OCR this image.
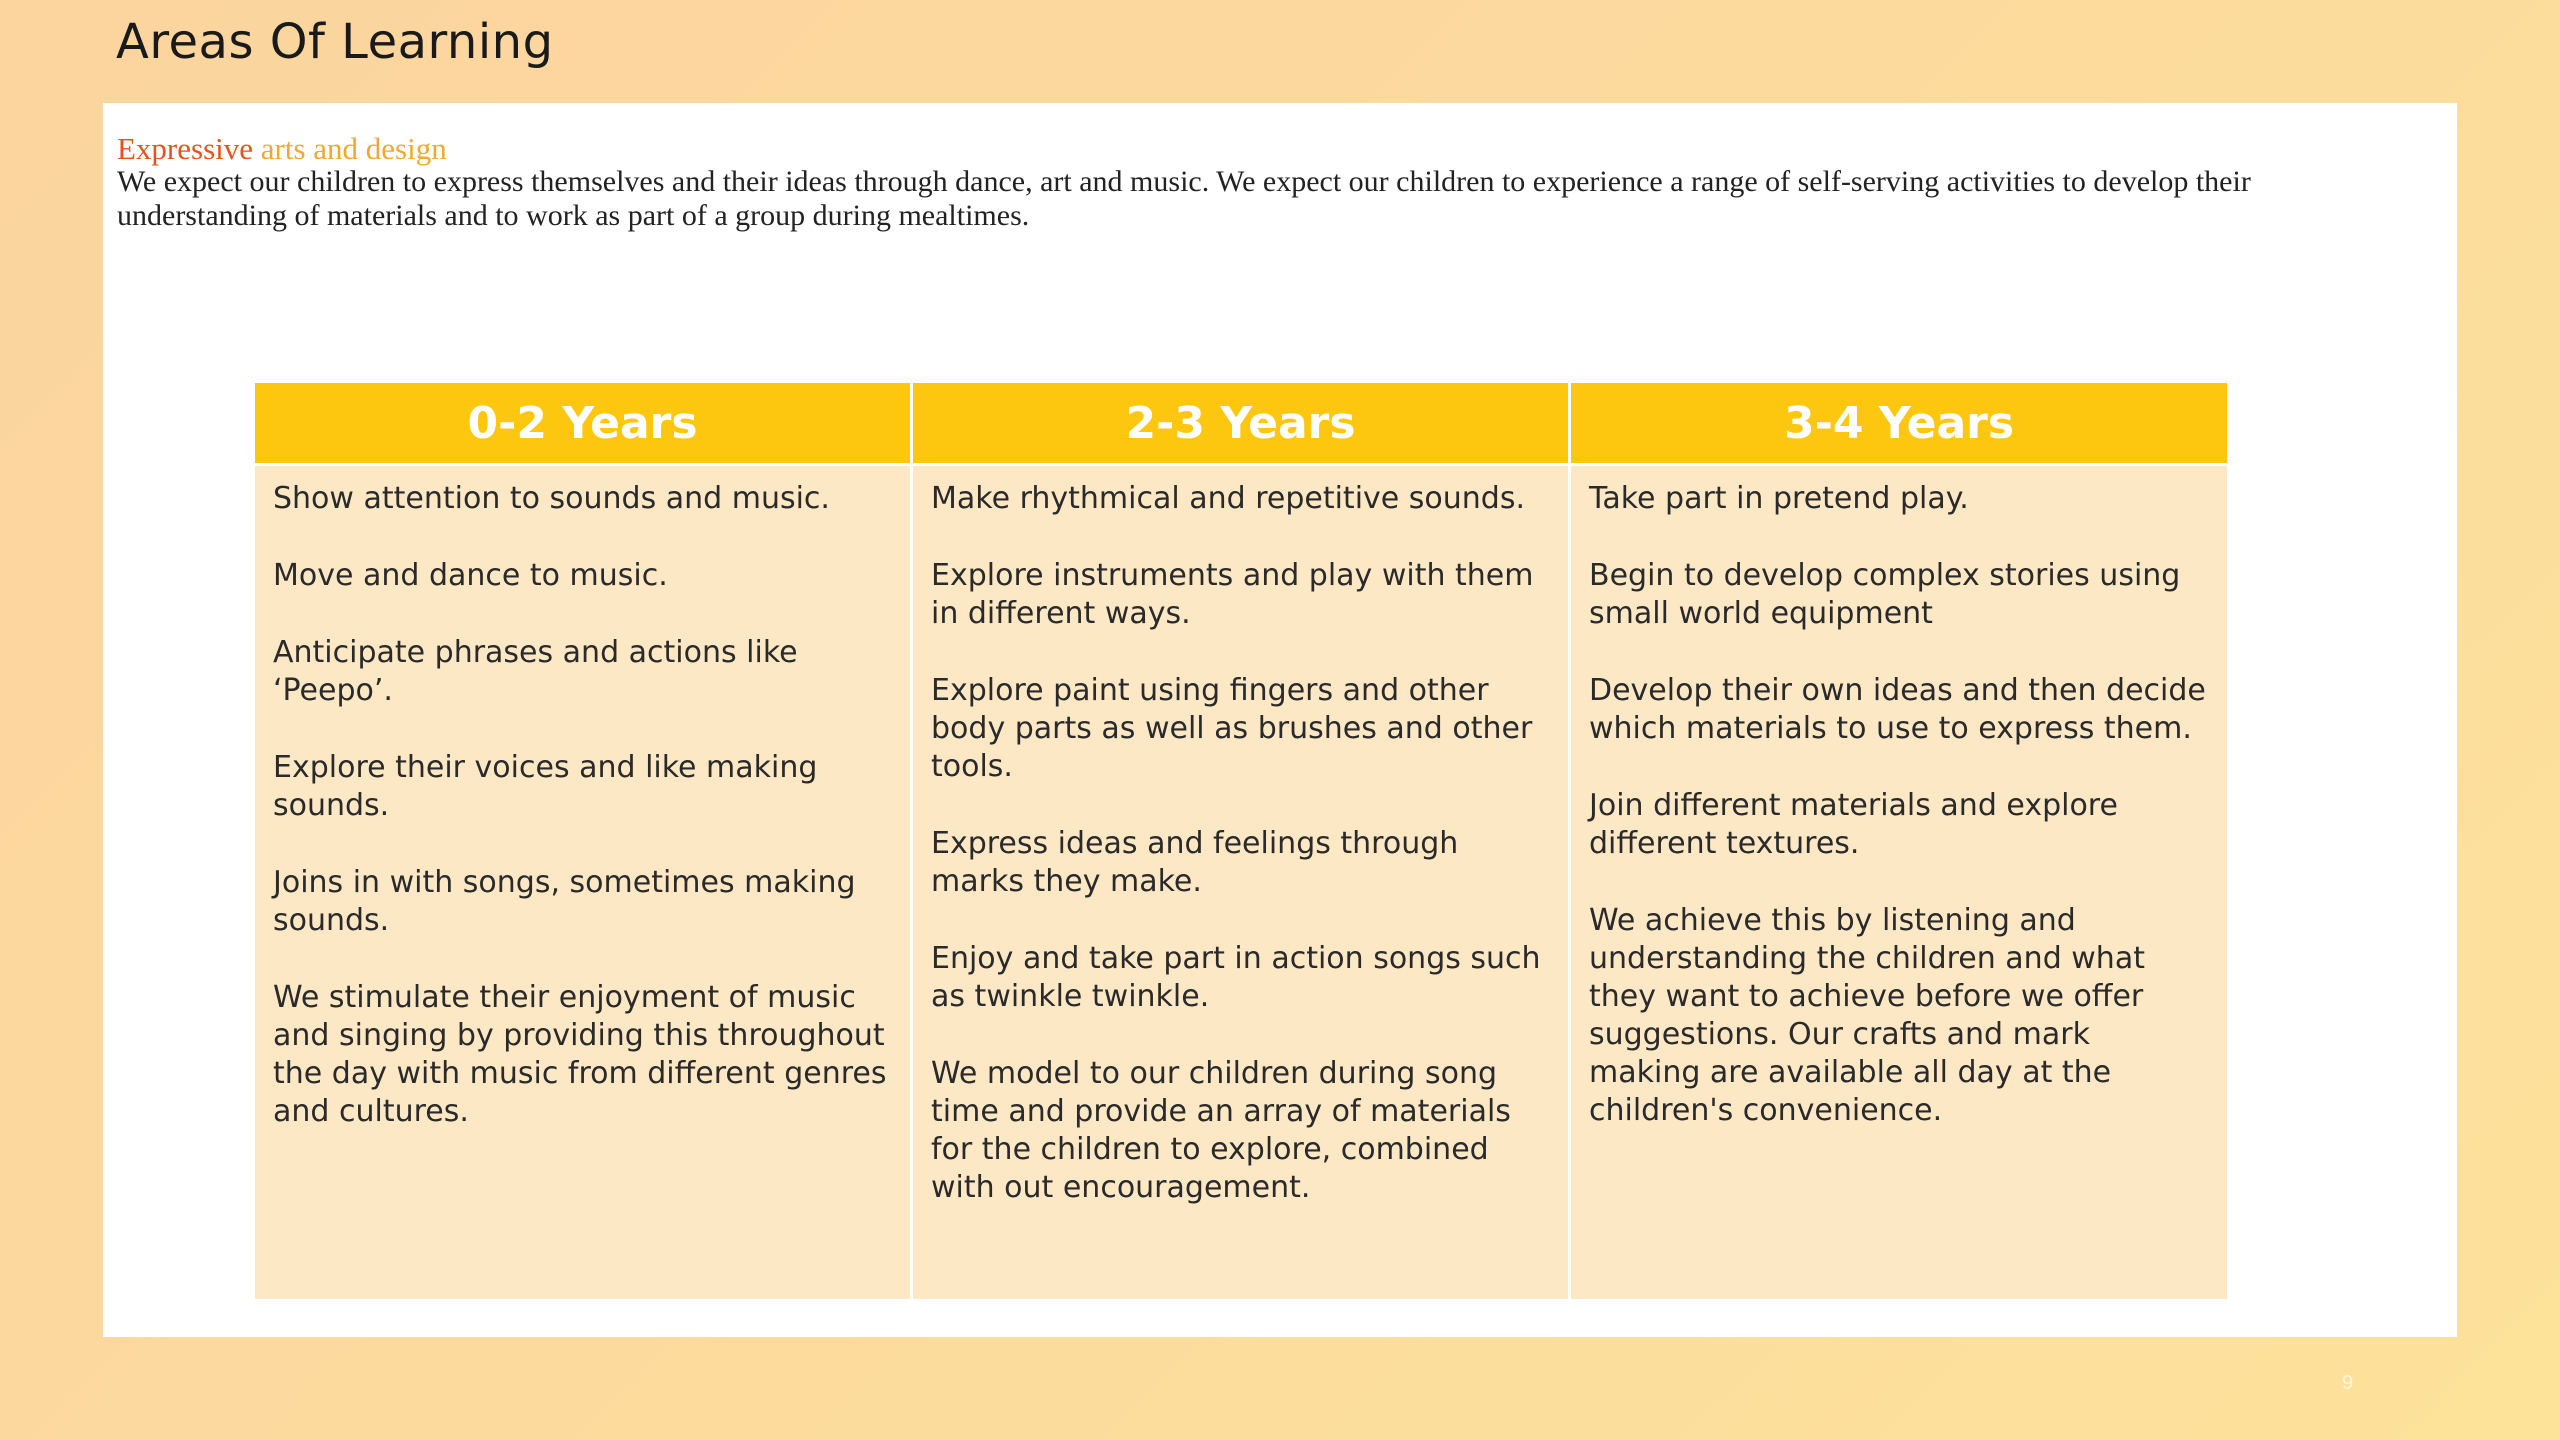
Areas Of Learning
Expressive arts and design
We expect our children to express themselves and their ideas through dance, art and music. We expect our children to experience a range of self-serving activities to develop their understanding of materials and to work as part of a group during mealtimes.
0-2 Years

Show attention to sounds and music.

Move and dance to music.

Anticipate phrases and actions like ‘Peepo’.

Explore their voices and like making sounds.

Joins in with songs, sometimes making sounds.

We stimulate their enjoyment of music and singing by providing this throughout the day with music from different genres and cultures.

2-3 Years

Make rhythmical and repetitive sounds.

Explore instruments and play with them in different ways.

Explore paint using fingers and other body parts as well as brushes and other tools.

Express ideas and feelings through marks they make.

Enjoy and take part in action songs such as twinkle twinkle.

We model to our children during song time and provide an array of materials for the children to explore, combined with out encouragement.

3-4 Years

Take part in pretend play.

Begin to develop complex stories using small world equipment

Develop their own ideas and then decide which materials to use to express them.

Join different materials and explore different textures.

We achieve this by listening and understanding the children and what they want to achieve before we offer suggestions. Our crafts and mark making are available all day at the children's convenience.

9
